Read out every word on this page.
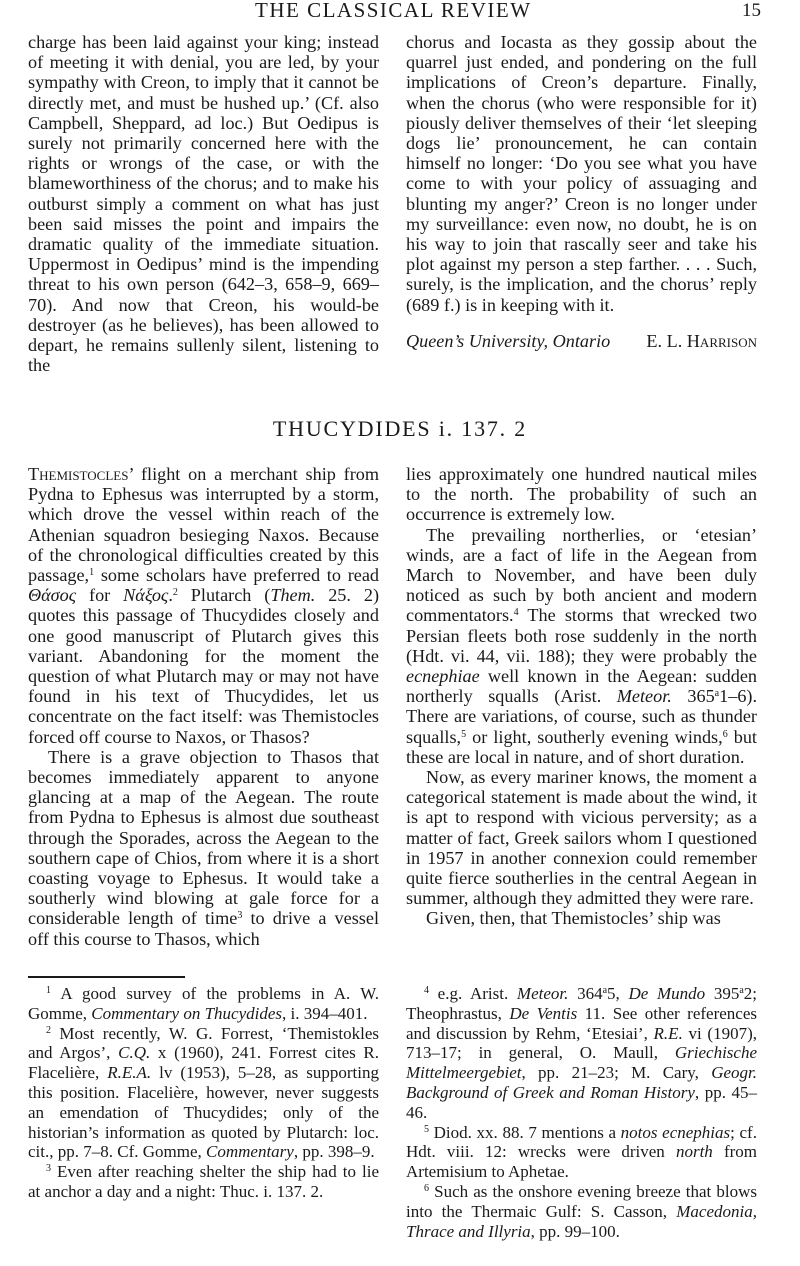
THE CLASSICAL REVIEW	15

charge has been laid against your king; instead of meeting it with denial, you are led, by your sympathy with Creon, to imply that it cannot be directly met, and must be hushed up.’ (Cf. also Campbell, Sheppard, ad loc.) But Oedipus is surely not primarily concerned here with the rights or wrongs of the case, or with the blameworthiness of the chorus; and to make his outburst simply a comment on what has just been said misses the point and impairs the dramatic quality of the immediate situation. Uppermost in Oedipus’ mind is the impending threat to his own person (642–3, 658–9, 669–70). And now that Creon, his would-be destroyer (as he believes), has been allowed to depart, he remains sullenly silent, listening to the

chorus and Iocasta as they gossip about the quarrel just ended, and pondering on the full implications of Creon’s departure. Finally, when the chorus (who were responsible for it) piously deliver themselves of their ‘let sleeping dogs lie’ pronouncement, he can contain himself no longer: ‘Do you see what you have come to with your policy of assuaging and blunting my anger?’ Creon is no longer under my surveillance: even now, no doubt, he is on his way to join that rascally seer and take his plot against my person a step farther. . . . Such, surely, is the implication, and the chorus’ reply (689 f.) is in keeping with it.

Queen’s University, Ontario E. L. Harrison
THUCYDIDES i. 137. 2

Themistocles’ flight on a merchant ship from Pydna to Ephesus was interrupted by a storm, which drove the vessel within reach of the Athenian squadron besieging Naxos. Because of the chronological difficulties created by this passage,$^1$ some scholars have preferred to read Θάσος for Νάξος.$^2$ Plutarch (Them. 25. 2) quotes this passage of Thucydides closely and one good manuscript of Plutarch gives this variant. Abandoning for the moment the question of what Plutarch may or may not have found in his text of Thucydides, let us concentrate on the fact itself: was Themistocles forced off course to Naxos, or Thasos?

There is a grave objection to Thasos that becomes immediately apparent to anyone glancing at a map of the Aegean. The route from Pydna to Ephesus is almost due southeast through the Sporades, across the Aegean to the southern cape of Chios, from where it is a short coasting voyage to Ephesus. It would take a southerly wind blowing at gale force for a considerable length of time$^3$ to drive a vessel off this course to Thasos, which

lies approximately one hundred nautical miles to the north. The probability of such an occurrence is extremely low.

The prevailing northerlies, or ‘etesian’ winds, are a fact of life in the Aegean from March to November, and have been duly noticed as such by both ancient and modern commentators.$^4$ The storms that wrecked two Persian fleets both rose suddenly in the north (Hdt. vi. 44, vii. 188); they were probably the ecnephiae well known in the Aegean: sudden northerly squalls (Arist. Meteor. 365$^a$1–6). There are variations, of course, such as thunder squalls,$^5$ or light, southerly evening winds,$^6$ but these are local in nature, and of short duration.

Now, as every mariner knows, the moment a categorical statement is made about the wind, it is apt to respond with vicious perversity; as a matter of fact, Greek sailors whom I questioned in 1957 in another connexion could remember quite fierce southerlies in the central Aegean in summer, although they admitted they were rare.

Given, then, that Themistocles’ ship was

$^1$ A good survey of the problems in A. W. Gomme, Commentary on Thucydides, i. 394–401.

$^2$ Most recently, W. G. Forrest, ‘Themistokles and Argos’, C.Q. x (1960), 241. Forrest cites R. Flacelière, R.E.A. lv (1953), 5–28, as supporting this position. Flacelière, however, never suggests an emendation of Thucydides; only of the historian’s information as quoted by Plutarch: loc. cit., pp. 7–8. Cf. Gomme, Commentary, pp. 398–9.

$^3$ Even after reaching shelter the ship had to lie at anchor a day and a night: Thuc. i. 137. 2.

$^4$ e.g. Arist. Meteor. 364$^a$5, De Mundo 395$^a$2; Theophrastus, De Ventis 11. See other references and discussion by Rehm, ‘Etesiai’, R.E. vi (1907), 713–17; in general, O. Maull, Griechische Mittelmeergebiet, pp. 21–23; M. Cary, Geogr. Background of Greek and Roman History, pp. 45–46.

$^5$ Diod. xx. 88. 7 mentions a notos ecnephias; cf. Hdt. viii. 12: wrecks were driven north from Artemisium to Aphetae.

$^6$ Such as the onshore evening breeze that blows into the Thermaic Gulf: S. Casson, Macedonia, Thrace and Illyria, pp. 99–100.
